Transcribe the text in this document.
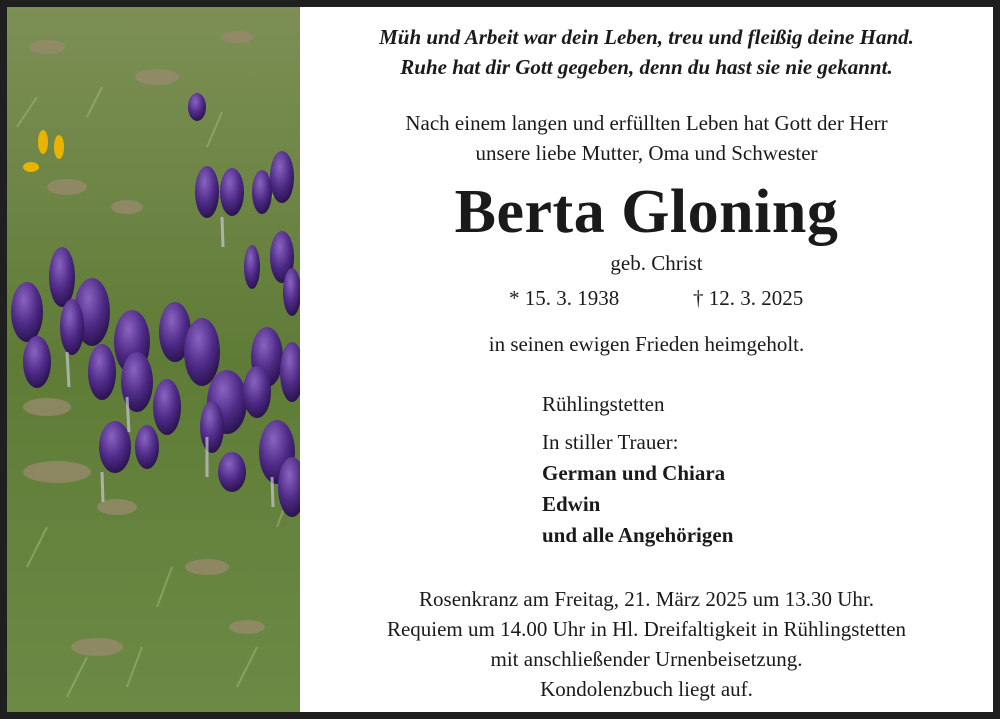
Müh und Arbeit war dein Leben, treu und fleißig deine Hand.
Ruhe hat dir Gott gegeben, denn du hast sie nie gekannt.
Nach einem langen und erfüllten Leben hat Gott der Herr
unsere liebe Mutter, Oma und Schwester
Berta Gloning
geb. Christ
* 15. 3. 1938	† 12. 3. 2025
in seinen ewigen Frieden heimgeholt.
Rühlingstetten
In stiller Trauer:
German und Chiara
Edwin
und alle Angehörigen
Rosenkranz am Freitag, 21. März 2025 um 13.30 Uhr.
Requiem um 14.00 Uhr in Hl. Dreifaltigkeit in Rühlingstetten
mit anschließender Urnenbeisetzung.
Kondolenzbuch liegt auf.
